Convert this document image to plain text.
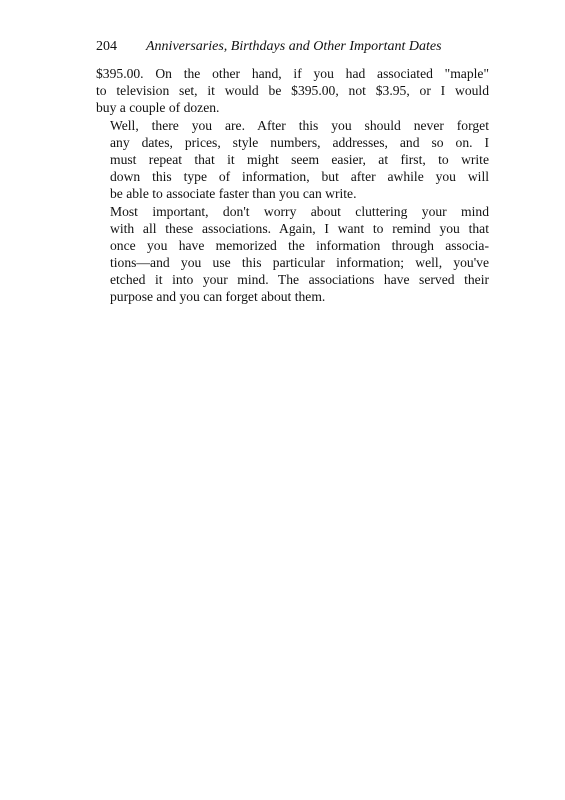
204	Anniversaries, Birthdays and Other Important Dates

$395.00. On the other hand, if you had associated "maple"
to television set, it would be $395.00, not $3.95, or I would
buy a couple of dozen.

Well, there you are. After this you should never forget
any dates, prices, style numbers, addresses, and so on. I
must repeat that it might seem easier, at first, to write
down this type of information, but after awhile you will
be able to associate faster than you can write.

Most important, don't worry about cluttering your mind
with all these associations. Again, I want to remind you that
once you have memorized the information through associa-
tions—and you use this particular information; well, you've
etched it into your mind. The associations have served their
purpose and you can forget about them.
